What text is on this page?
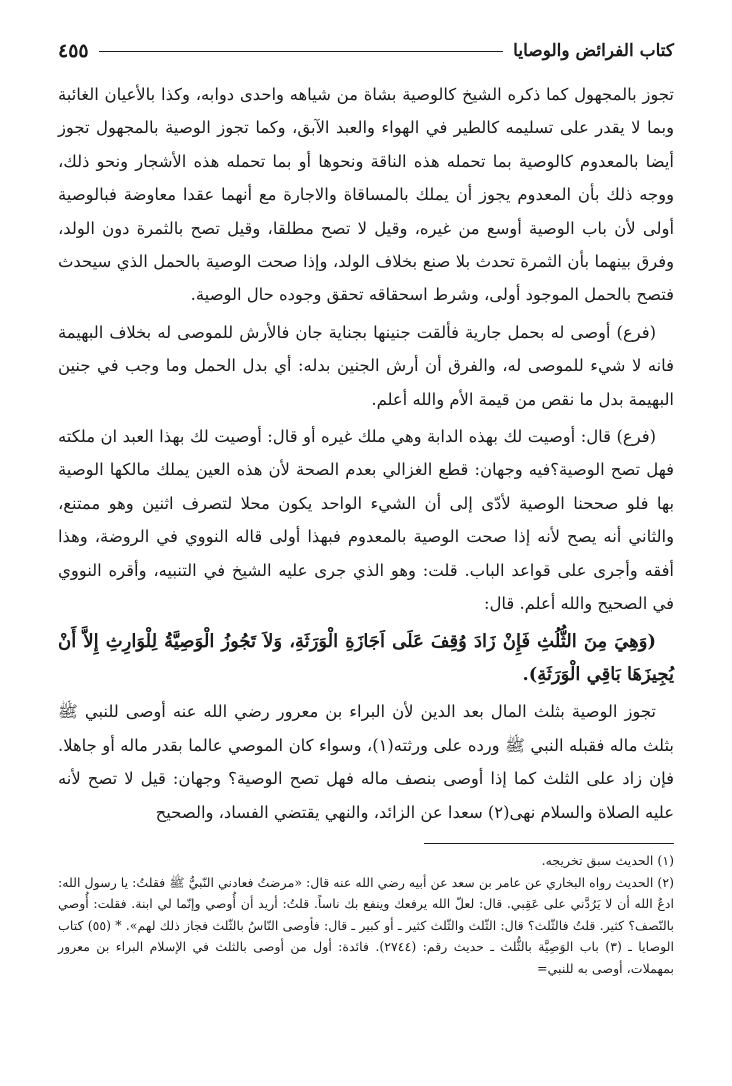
كتاب الفرائض والوصايا
٤٥٥

تجوز بالمجهول كما ذكره الشيخ كالوصية بشاة من شياهه واحدى دوابه، وكذا بالأعيان الغائبة وبما لا يقدر على تسليمه كالطير في الهواء والعبد الآبق، وكما تجوز الوصية بالمجهول تجوز أيضا بالمعدوم كالوصية بما تحمله هذه الناقة ونحوها أو بما تحمله هذه الأشجار ونحو ذلك، ووجه ذلك بأن المعدوم يجوز أن يملك بالمساقاة والاجارة مع أنهما عقدا معاوضة فبالوصية أولى لأن باب الوصية أوسع من غيره، وقيل لا تصح مطلقا، وقيل تصح بالثمرة دون الولد، وفرق بينهما بأن الثمرة تحدث بلا صنع بخلاف الولد، وإذا صحت الوصية بالحمل الذي سيحدث فتصح بالحمل الموجود أولى، وشرط اسحقاقه تحقق وجوده حال الوصية.

(فرع) أوصى له بحمل جارية فألقت جنينها بجناية جان فالأرش للموصى له بخلاف البهيمة فانه لا شيء للموصى له، والفرق أن أرش الجنين بدله: أي بدل الحمل وما وجب في جنين البهيمة بدل ما نقص من قيمة الأم والله أعلم.

(فرع) قال: أوصيت لك بهذه الدابة وهي ملك غيره أو قال: أوصيت لك بهذا العبد ان ملكته فهل تصح الوصية؟فيه وجهان: قطع الغزالي بعدم الصحة لأن هذه العين يملك مالكها الوصية بها فلو صححنا الوصية لأدّى إلى أن الشيء الواحد يكون محلا لتصرف اثنين وهو ممتنع، والثاني أنه يصح لأنه إذا صحت الوصية بالمعدوم فبهذا أولى قاله النووي في الروضة، وهذا أفقه وأجرى على قواعد الباب. قلت: وهو الذي جرى عليه الشيخ في التنبيه، وأقره النووي في الصحيح والله أعلم. قال:

(وَهِيَ مِنَ الثُّلُثِ فَإِنْ زَادَ وُقِفَ عَلَى اَجَازَةِ الْوَرَثَةِ، وَلاَ تَجُوزُ الْوَصِيَّةُ لِلْوَارِثِ إِلاَّ أَنْ يُجِيزَهَا بَاقِي الْوَرَثَةِ).

تجوز الوصية بثلث المال بعد الدين لأن البراء بن معرور رضي الله عنه أوصى للنبي ﷺ بثلث ماله فقبله النبي ﷺ ورده على ورثته(١)، وسواء كان الموصي عالما بقدر ماله أو جاهلا. فإن زاد على الثلث كما إذا أوصى بنصف ماله فهل تصح الوصية؟ وجهان: قيل لا تصح لأنه عليه الصلاة والسلام نهى(٢) سعدا عن الزائد، والنهي يقتضي الفساد، والصحيح

(١) الحديث سبق تخريجه.

(٢) الحديث رواه البخاري عن عامر بن سعد عن أبيه رضي الله عنه قال: «مرضتُ فعادني النّبيُّ ﷺ فقلتُ: يا رسول الله: ادعُ الله أن لا يَرُدَّني على عَقِبي. قال: لعلّ الله يرفعك وينفع بك ناساً. قلتُ: أريد أن أُوصي وإنّما لي ابنة. فقلت: أُوصي بالنّصف؟ كثير. قلتُ فالثّلث؟ قال: الثّلث والثّلث كثير ـ أو كبير ـ قال: فأوصى النّاسُ بالثّلث فجاز ذلك لهم». * (٥٥) كتاب الوصايا ـ (٣) باب الوَصِيَّة بالثُّلث ـ حديث رقم: (٢٧٤٤). فائدة: أول من أوصى بالثلث في الإسلام البراء بن معرور بمهملات، أوصى به للنبي=
